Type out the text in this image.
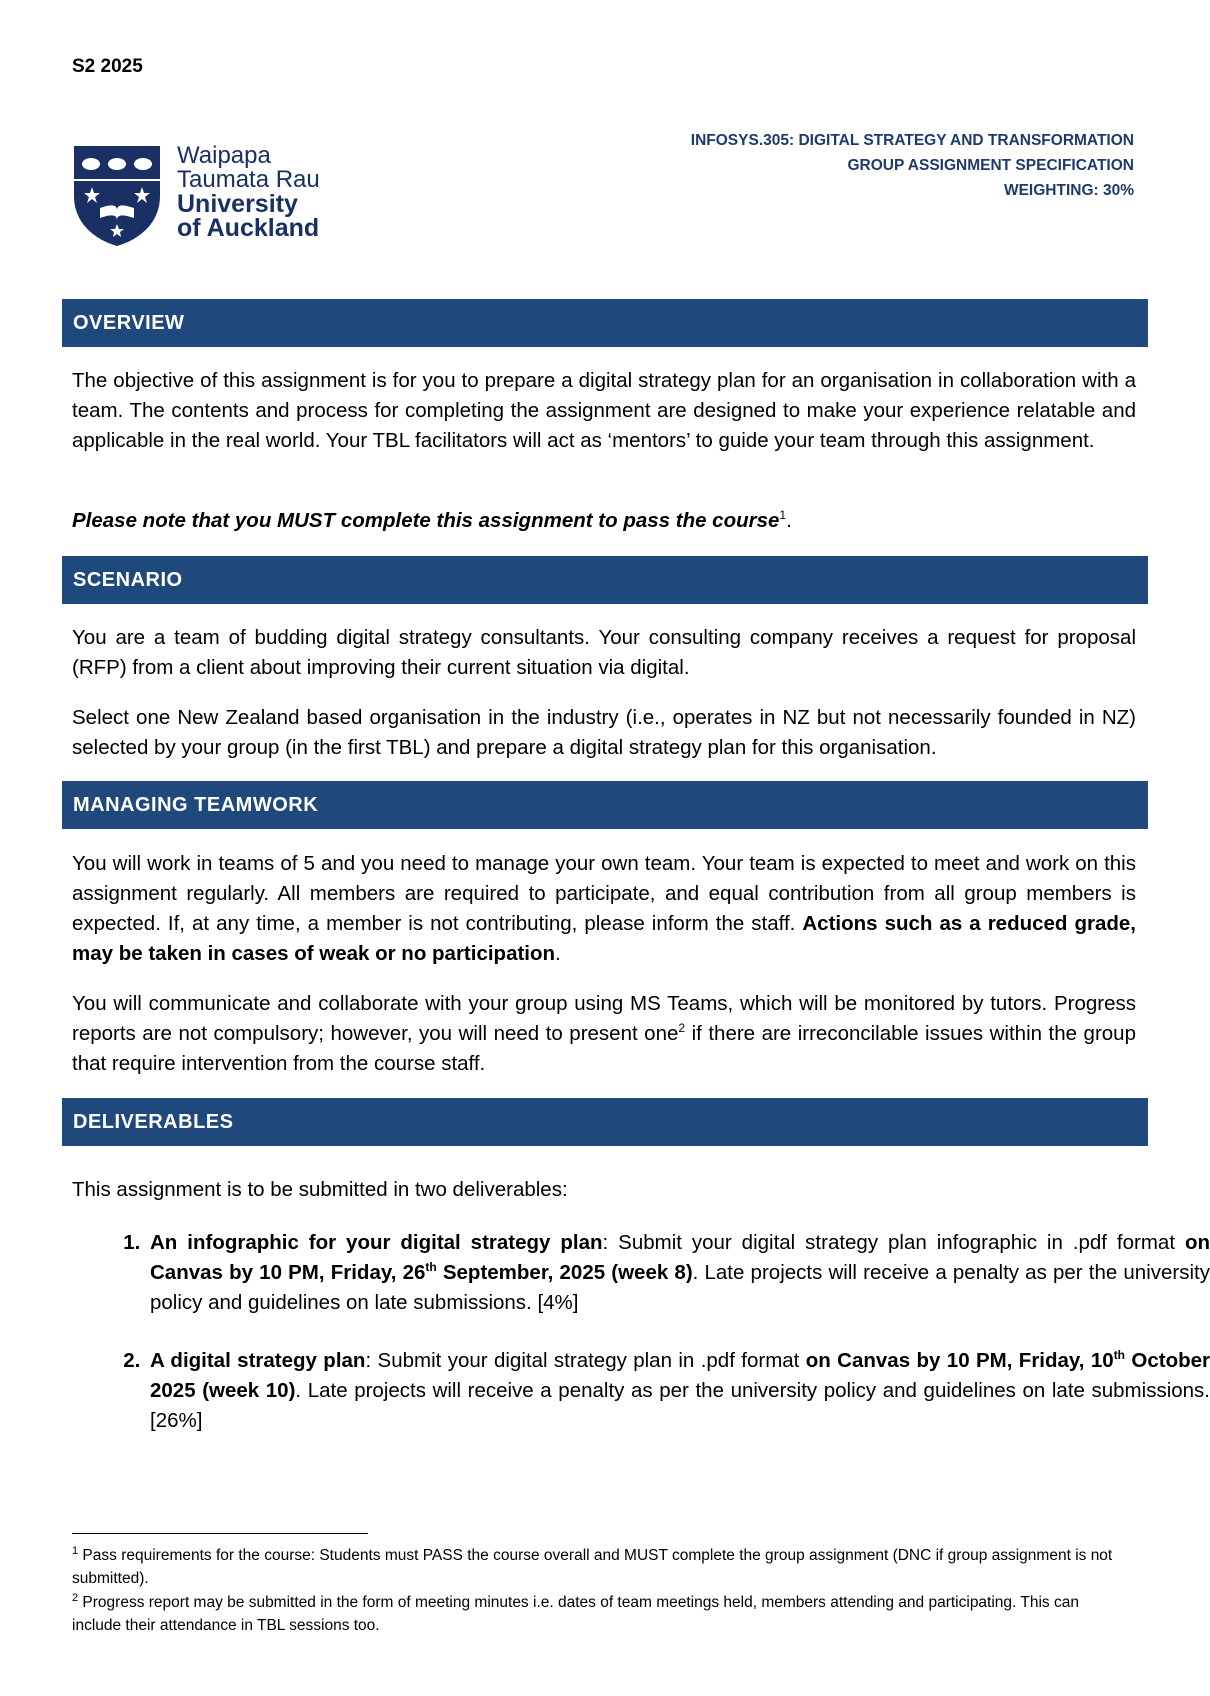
S2 2025
Waipapa
Taumata Rau
University
of Auckland
INFOSYS.305: DIGITAL STRATEGY AND TRANSFORMATION
GROUP ASSIGNMENT SPECIFICATION
WEIGHTING: 30%
OVERVIEW
The objective of this assignment is for you to prepare a digital strategy plan for an organisation in collaboration with a team. The contents and process for completing the assignment are designed to make your experience relatable and applicable in the real world. Your TBL facilitators will act as ‘mentors’ to guide your team through this assignment.
Please note that you MUST complete this assignment to pass the course$^1$.
SCENARIO
You are a team of budding digital strategy consultants. Your consulting company receives a request for proposal (RFP) from a client about improving their current situation via digital.
Select one New Zealand based organisation in the industry (i.e., operates in NZ but not necessarily founded in NZ) selected by your group (in the first TBL) and prepare a digital strategy plan for this organisation.
MANAGING TEAMWORK
You will work in teams of 5 and you need to manage your own team. Your team is expected to meet and work on this assignment regularly. All members are required to participate, and equal contribution from all group members is expected. If, at any time, a member is not contributing, please inform the staff. Actions such as a reduced grade, may be taken in cases of weak or no participation.
You will communicate and collaborate with your group using MS Teams, which will be monitored by tutors. Progress reports are not compulsory; however, you will need to present one$^2$ if there are irreconcilable issues within the group that require intervention from the course staff.
DELIVERABLES
This assignment is to be submitted in two deliverables:
1. An infographic for your digital strategy plan: Submit your digital strategy plan infographic in .pdf format on Canvas by 10 PM, Friday, 26th September, 2025 (week 8). Late projects will receive a penalty as per the university policy and guidelines on late submissions. [4%]
2. A digital strategy plan: Submit your digital strategy plan in .pdf format on Canvas by 10 PM, Friday, 10th October 2025 (week 10). Late projects will receive a penalty as per the university policy and guidelines on late submissions. [26%]
$^1$ Pass requirements for the course: Students must PASS the course overall and MUST complete the group assignment (DNC if group assignment is not submitted).
$^2$ Progress report may be submitted in the form of meeting minutes i.e. dates of team meetings held, members attending and participating. This can include their attendance in TBL sessions too.
